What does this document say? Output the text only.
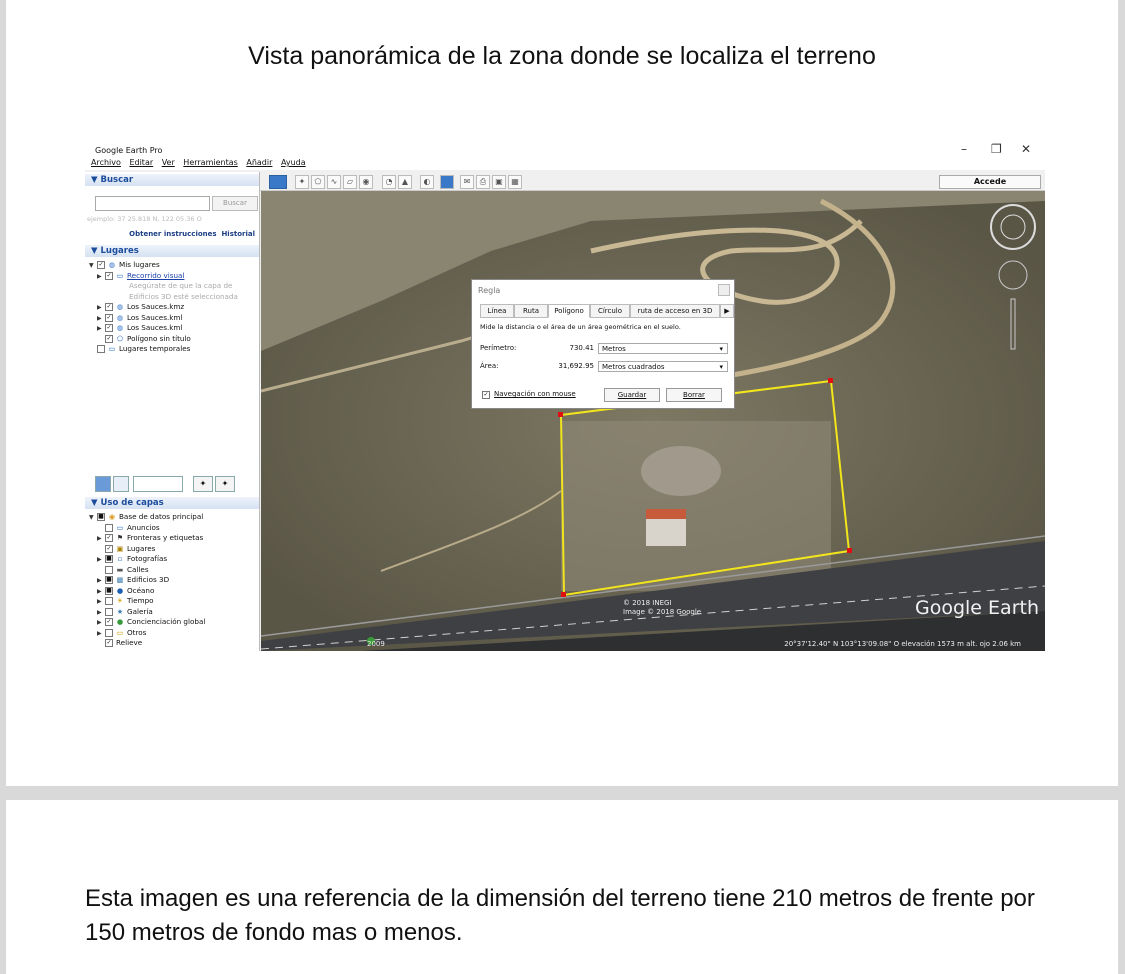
Vista panorámica de la zona donde se localiza el terreno
Google Earth Pro	– ❐ ✕
Archivo Editar Ver Herramientas Añadir Ayuda
▼ Buscar
Buscar
ejemplo: 37 25.818 N, 122 05.36 O
Obtener instrucciones Historial
▼ Lugares
▼ ✓ ◍ Mis lugares
▶ ✓ ▭ Recorrido visual
Asegúrate de que la capa de
Edificios 3D esté seleccionada
▶ ✓ ◍ Los Sauces.kmz
▶ ✓ ◍ Los Sauces.kml
▶ ✓ ◍ Los Sauces.kml
✓ ⬠ Polígono sin título
▭ Lugares temporales
✦	✦
▼ Uso de capas
▼ ■ ◉ Base de datos principal
▭ Anuncios
▶ ✓ ⚑ Fronteras y etiquetas
✓ ▣ Lugares
▶ ■ ▫ Fotografías
▬ Calles
▶ ■ ▩ Edificios 3D
▶ ■ ● Océano
▶ ☀ Tiempo
▶ ★ Galería
▶ ✓ ● Concienciación global
▶ ▭ Otros
✓ Relieve
✦	⬠	∿	▱	◉	◔	▲	◐	✉	⎙	▣	▦	Accede
Regla
Línea	Ruta	Polígono	Círculo	ruta de acceso en 3D	▶
Mide la distancia o el área de un área geométrica en el suelo.
Perímetro:	730.41	Metros	▾
Área:	31,692.95	Metros cuadrados	▾
✓ Navegación con mouse	Guardar	Borrar
© 2018 INEGI
Image © 2018 Google	Google Earth
2009	20°37'12.40" N 103°13'09.08" O elevación 1573 m alt. ojo 2.06 km
Esta imagen es una referencia de la dimensión del terreno tiene 210 metros de frente por 150 metros de fondo mas o menos.
